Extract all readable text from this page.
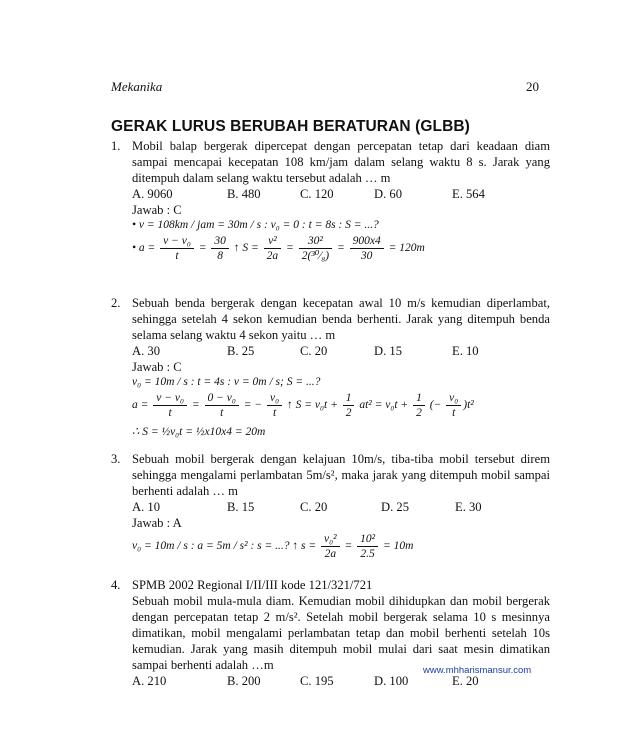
Mekanika	20
GERAK LURUS BERUBAH BERATURAN (GLBB)
1. Mobil balap bergerak dipercepat dengan percepatan tetap dari keadaan diam
sampai mencapai kecepatan 108 km/jam dalam selang waktu 8 s. Jarak yang
ditempuh dalam selang waktu tersebut adalah … m
A. 9060	B. 480	C. 120	D. 60	E. 564
Jawab : C
• v = 108km / jam = 30m / s : v₀ = 0 : t = 8s : S = ...?
• $a = \frac{\text{v − v₀}}{t} = \frac{30}{8}$ ↑ $S = \frac{\text{v²}}{2a} = \frac{\text{30²}}{\text{2(³⁰⁄₈)}} = \frac{900x4}{30} = 120m$
2. Sebuah benda bergerak dengan kecepatan awal 10 m/s kemudian diperlambat,
sehingga setelah 4 sekon kemudian benda berhenti. Jarak yang ditempuh benda
selama selang waktu 4 sekon yaitu … m
A. 30	B. 25	C. 20	D. 15	E. 10
Jawab : C
v₀ = 10m / s : t = 4s : v = 0m / s; S = ...?
$a = \frac{\text{v − v₀}}{t} = \frac{\text{0 − v₀}}{t}$ = − $\frac{\text{v₀}}{t}$ ↑ $S = v_0t + \frac{1}{2} at^2 = v_0t + \frac{1}{2}$ (− $\frac{\text{v₀}}{t} )t^2$
∴ S = ½v₀t = ½x10x4 = 20m
3. Sebuah mobil bergerak dengan kelajuan 10m/s, tiba-tiba mobil tersebut direm
sehingga mengalami perlambatan 5m/s², maka jarak yang ditempuh mobil sampai
berhenti adalah … m
A. 10	B. 15	C. 20	D. 25	E. 30
Jawab : A
v₀ = 10m / s : a = 5m / s² : s = ...? ↑ $s = \frac{\text{v₀²}}{2a} = \frac{\text{10²}}{2.5} = 10m$
4. SPMB 2002 Regional I/II/III kode 121/321/721
Sebuah mobil mula-mula diam. Kemudian mobil dihidupkan dan mobil bergerak
dengan percepatan tetap 2 m/s². Setelah mobil bergerak selama 10 s mesinnya
dimatikan, mobil mengalami perlambatan tetap dan mobil berhenti setelah 10s
kemudian. Jarak yang masih ditempuh mobil mulai dari saat mesin dimatikan
sampai berhenti adalah …m
A. 210	B. 200	C. 195	D. 100	E. 20
www.mhharismansur.com
